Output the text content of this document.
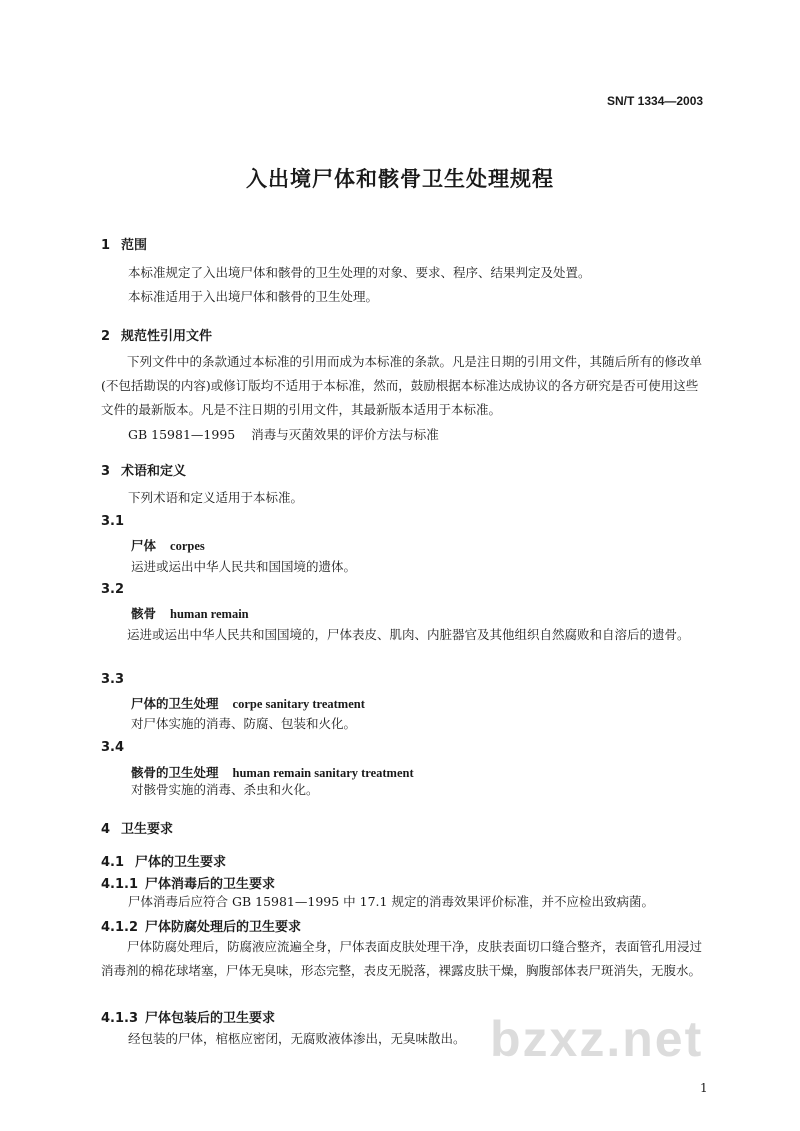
SN/T 1334—2003
入出境尸体和骸骨卫生处理规程
1 范围
本标准规定了入出境尸体和骸骨的卫生处理的对象、要求、程序、结果判定及处置。
本标准适用于入出境尸体和骸骨的卫生处理。
2 规范性引用文件
下列文件中的条款通过本标准的引用而成为本标准的条款。凡是注日期的引用文件，其随后所有的修改单(不包括勘误的内容)或修订版均不适用于本标准，然而，鼓励根据本标准达成协议的各方研究是否可使用这些文件的最新版本。凡是不注日期的引用文件，其最新版本适用于本标准。
GB 15981—1995 消毒与灭菌效果的评价方法与标准
3 术语和定义
下列术语和定义适用于本标准。
3.1
尸体 corpes
运进或运出中华人民共和国国境的遗体。
3.2
骸骨 human remain
运进或运出中华人民共和国国境的，尸体表皮、肌肉、内脏器官及其他组织自然腐败和自溶后的遗骨。
3.3
尸体的卫生处理 corpe sanitary treatment
对尸体实施的消毒、防腐、包装和火化。
3.4
骸骨的卫生处理 human remain sanitary treatment
对骸骨实施的消毒、杀虫和火化。
4 卫生要求
4.1 尸体的卫生要求
4.1.1 尸体消毒后的卫生要求
尸体消毒后应符合 GB 15981—1995 中 17.1 规定的消毒效果评价标准，并不应检出致病菌。
4.1.2 尸体防腐处理后的卫生要求
尸体防腐处理后，防腐液应流遍全身，尸体表面皮肤处理干净，皮肤表面切口缝合整齐，表面管孔用浸过消毒剂的棉花球堵塞，尸体无臭味，形态完整，表皮无脱落，裸露皮肤干燥，胸腹部体表尸斑消失，无腹水。
4.1.3 尸体包装后的卫生要求
经包装的尸体，棺柩应密闭，无腐败液体渗出，无臭味散出。 bzxz.net
1
